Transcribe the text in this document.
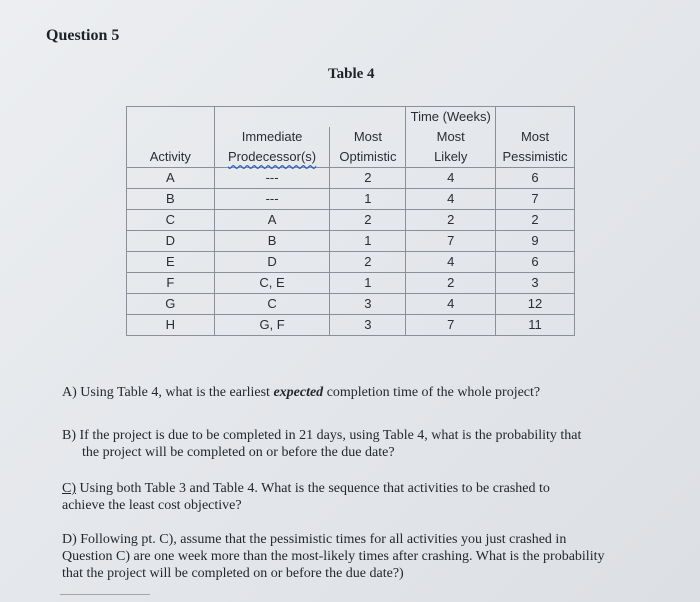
Question 5
Table 4
			Time (Weeks)	
	Immediate	Most	Most	Most
Activity	Prodecessor(s)	Optimistic	Likely	Pessimistic
A	---	2	4	6
B	---	1	4	7
C	A	2	2	2
D	B	1	7	9
E	D	2	4	6
F	C, E	1	2	3
G	C	3	4	12
H	G, F	3	7	11

A) Using Table 4, what is the earliest expected completion time of the whole project?

B) If the project is due to be completed in 21 days, using Table 4, what is the probability that

the project will be completed on or before the due date?

C) Using both Table 3 and Table 4. What is the sequence that activities to be crashed to

achieve the least cost objective?

D) Following pt. C), assume that the pessimistic times for all activities you just crashed in

Question C) are one week more than the most-likely times after crashing. What is the probability

that the project will be completed on or before the due date?)
